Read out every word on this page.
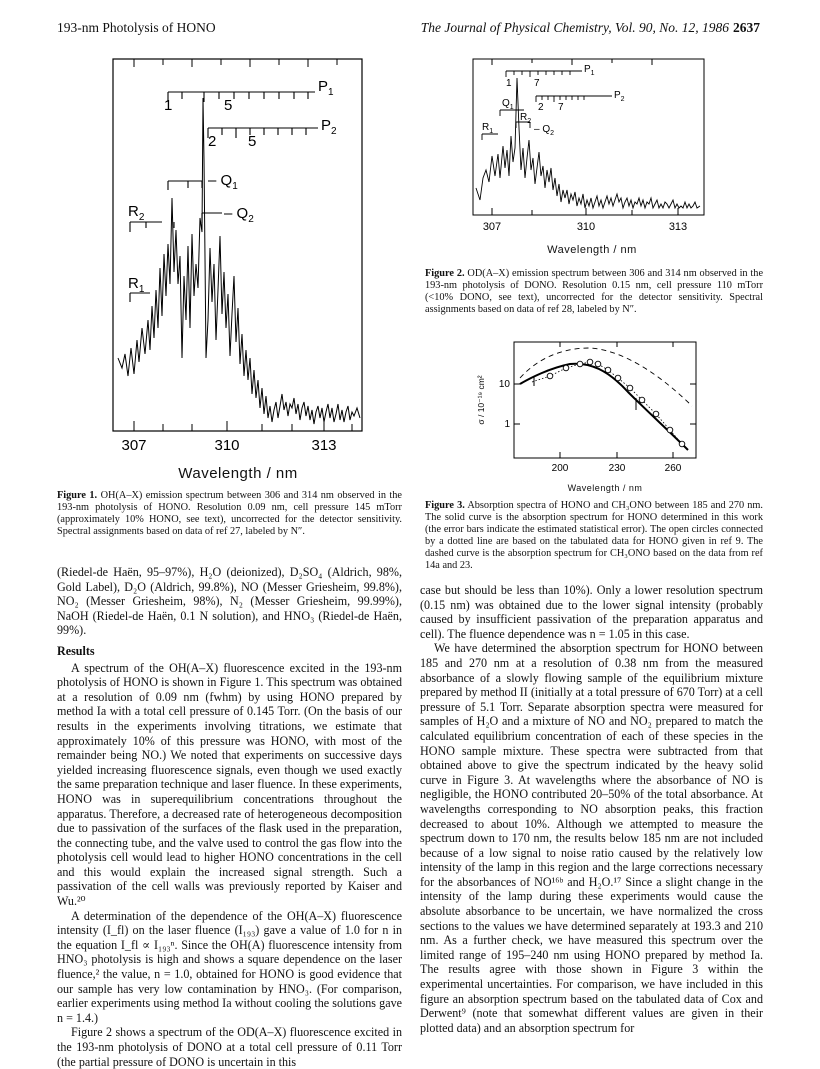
193-nm Photolysis of HONO	The Journal of Physical Chemistry, Vol. 90, No. 12, 1986 2637
$P_1$
$P_2$
– $Q_1$
– $Q_2$
$R_2$
$R_1$
1	5
2 5
307	310	313
Wavelength / nm
Figure 1. OH(A–X) emission spectrum between 306 and 314 nm observed in the 193-nm photolysis of HONO. Resolution 0.09 nm, cell pressure 145 mTorr (approximately 10% HONO, see text), uncorrected for the detector sensitivity. Spectral assignments based on data of ref 27, labeled by N″.

(Riedel-de Haën, 95–97%), H₂O (deionized), D₂SO₄ (Aldrich, 98%, Gold Label), D₂O (Aldrich, 99.8%), NO (Messer Griesheim, 99.8%), NO₂ (Messer Griesheim, 98%), N₂ (Messer Griesheim, 99.99%), NaOH (Riedel-de Haën, 0.1 N solution), and HNO₃ (Riedel-de Haën, 99%).

Results

A spectrum of the OH(A–X) fluorescence excited in the 193-nm photolysis of HONO is shown in Figure 1. This spectrum was obtained at a resolution of 0.09 nm (fwhm) by using HONO prepared by method Ia with a total cell pressure of 0.145 Torr. (On the basis of our results in the experiments involving titrations, we estimate that approximately 10% of this pressure was HONO, with most of the remainder being NO.) We noted that experiments on successive days yielded increasing fluorescence signals, even though we used exactly the same preparation technique and laser fluence. In these experiments, HONO was in superequilibrium concentrations throughout the apparatus. Therefore, a decreased rate of heterogeneous decomposition due to passivation of the surfaces of the flask used in the preparation, the connecting tube, and the valve used to control the gas flow into the photolysis cell would lead to higher HONO concentrations in the cell and this would explain the increased signal strength. Such a passivation of the cell walls was previously reported by Kaiser and Wu.²⁰

A determination of the dependence of the OH(A–X) fluorescence intensity (I_fl) on the laser fluence (I₁₉₃) gave a value of 1.0 for n in the equation I_fl ∝ I₁₉₃ⁿ. Since the OH(A) fluorescence intensity from HNO₃ photolysis is high and shows a square dependence on the laser fluence,² the value, n = 1.0, obtained for HONO is good evidence that our sample has very low contamination by HNO₃. (For comparison, earlier experiments using method Ia without cooling the solutions gave n = 1.4.)

Figure 2 shows a spectrum of the OD(A–X) fluorescence excited in the 193-nm photolysis of DONO at a total cell pressure of 0.11 Torr (the partial pressure of DONO is uncertain in this

$P_1$
$P_2$
$Q_1$
$R_2$
– $Q_2$
$R_1$
1 7
2 7
307	310	313
Wavelength / nm
Figure 2. OD(A–X) emission spectrum between 306 and 314 nm observed in the 193-nm photolysis of DONO. Resolution 0.15 nm, cell pressure 110 mTorr (<10% DONO, see text), uncorrected for the detector sensitivity. Spectral assignments based on data of ref 28, labeled by N″.
10
1
200	230	260
σ / 10⁻¹⁹ cm²
Wavelength / nm
Figure 3. Absorption spectra of HONO and CH₃ONO between 185 and 270 nm. The solid curve is the absorption spectrum for HONO determined in this work (the error bars indicate the estimated statistical error). The open circles connected by a dotted line are based on the tabulated data for HONO given in ref 9. The dashed curve is the absorption spectrum for CH₃ONO based on the data from ref 14a and 23.

case but should be less than 10%). Only a lower resolution spectrum (0.15 nm) was obtained due to the lower signal intensity (probably caused by insufficient passivation of the preparation apparatus and cell). The fluence dependence was n = 1.05 in this case.

We have determined the absorption spectrum for HONO between 185 and 270 nm at a resolution of 0.38 nm from the measured absorbance of a slowly flowing sample of the equilibrium mixture prepared by method II (initially at a total pressure of 670 Torr) at a cell pressure of 5.1 Torr. Separate absorption spectra were measured for samples of H₂O and a mixture of NO and NO₂ prepared to match the calculated equilibrium concentration of each of these species in the HONO sample mixture. These spectra were subtracted from that obtained above to give the spectrum indicated by the heavy solid curve in Figure 3. At wavelengths where the absorbance of NO is negligible, the HONO contributed 20–50% of the total absorbance. At wavelengths corresponding to NO absorption peaks, this fraction decreased to about 10%. Although we attempted to measure the spectrum down to 170 nm, the results below 185 nm are not included because of a low signal to noise ratio caused by the relatively low intensity of the lamp in this region and the large corrections necessary for the absorbances of NO¹⁶ᵇ and H₂O.¹⁷ Since a slight change in the intensity of the lamp during these experiments would cause the absolute absorbance to be uncertain, we have normalized the cross sections to the values we have determined separately at 193.3 and 210 nm. As a further check, we have measured this spectrum over the limited range of 195–240 nm using HONO prepared by method Ia. The results agree with those shown in Figure 3 within the experimental uncertainties. For comparison, we have included in this figure an absorption spectrum based on the tabulated data of Cox and Derwent⁹ (note that somewhat different values are given in their plotted data) and an absorption spectrum for
